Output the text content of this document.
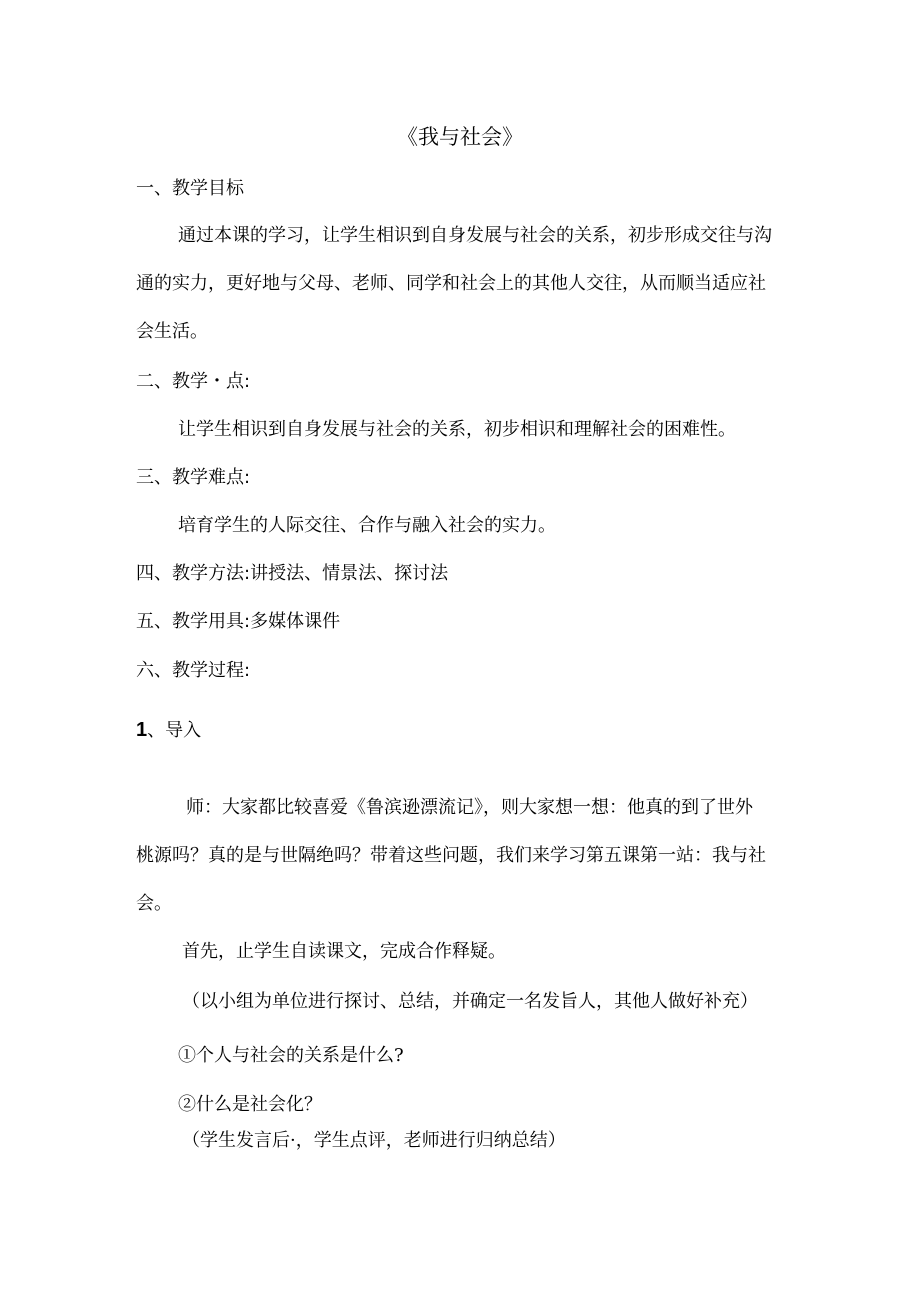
《我与社会》
一、教学目标
通过本课的学习，让学生相识到自身发展与社会的关系，初步形成交往与沟
通的实力，更好地与父母、老师、同学和社会上的其他人交往，从而顺当适应社
会生活。
二、教学・点:
让学生相识到自身发展与社会的关系，初步相识和理解社会的困难性。
三、教学难点:
培育学生的人际交往、合作与融入社会的实力。
四、教学方法:讲授法、情景法、探讨法
五、教学用具:多媒体课件
六、教学过程:
1、导入
师：大家都比较喜爱《鲁滨逊漂流记》，则大家想一想：他真的到了世外
桃源吗？真的是与世隔绝吗？带着这些问题，我们来学习第五课第一站：我与社
会。
首先，止学生自读课文，完成合作释疑。
（以小组为单位进行探讨、总结，并确定一名发旨人，其他人做好补充）
①个人与社会的关系是什么?
②什么是社会化？
（学生发言后·，学生点评，老师进行归纳总结）
